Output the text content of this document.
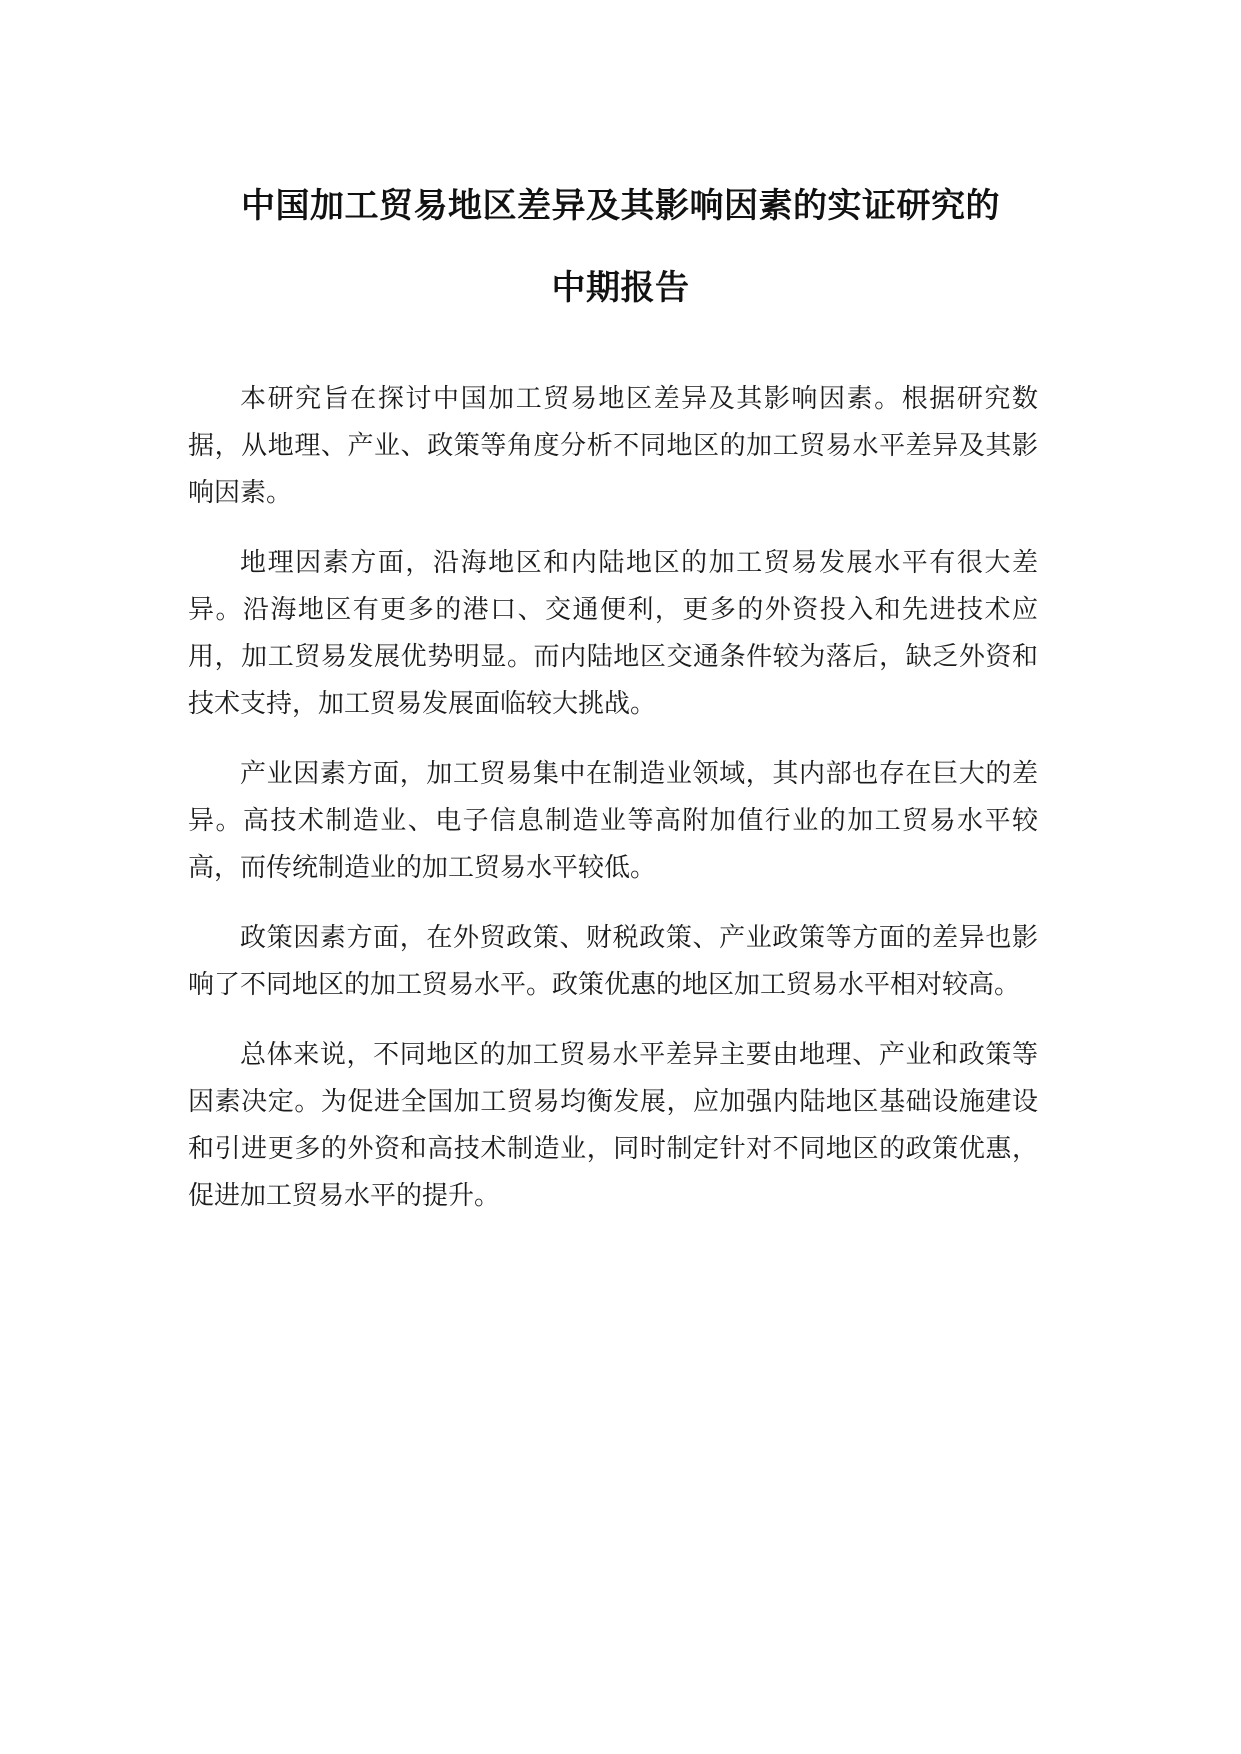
中国加工贸易地区差异及其影响因素的实证研究的
中期报告

本研究旨在探讨中国加工贸易地区差异及其影响因素。根据研究数据，从地理、产业、政策等角度分析不同地区的加工贸易水平差异及其影响因素。

地理因素方面，沿海地区和内陆地区的加工贸易发展水平有很大差异。沿海地区有更多的港口、交通便利，更多的外资投入和先进技术应用，加工贸易发展优势明显。而内陆地区交通条件较为落后，缺乏外资和技术支持，加工贸易发展面临较大挑战。

产业因素方面，加工贸易集中在制造业领域，其内部也存在巨大的差异。高技术制造业、电子信息制造业等高附加值行业的加工贸易水平较高，而传统制造业的加工贸易水平较低。

政策因素方面，在外贸政策、财税政策、产业政策等方面的差异也影响了不同地区的加工贸易水平。政策优惠的地区加工贸易水平相对较高。

总体来说，不同地区的加工贸易水平差异主要由地理、产业和政策等因素决定。为促进全国加工贸易均衡发展，应加强内陆地区基础设施建设和引进更多的外资和高技术制造业，同时制定针对不同地区的政策优惠，促进加工贸易水平的提升。
